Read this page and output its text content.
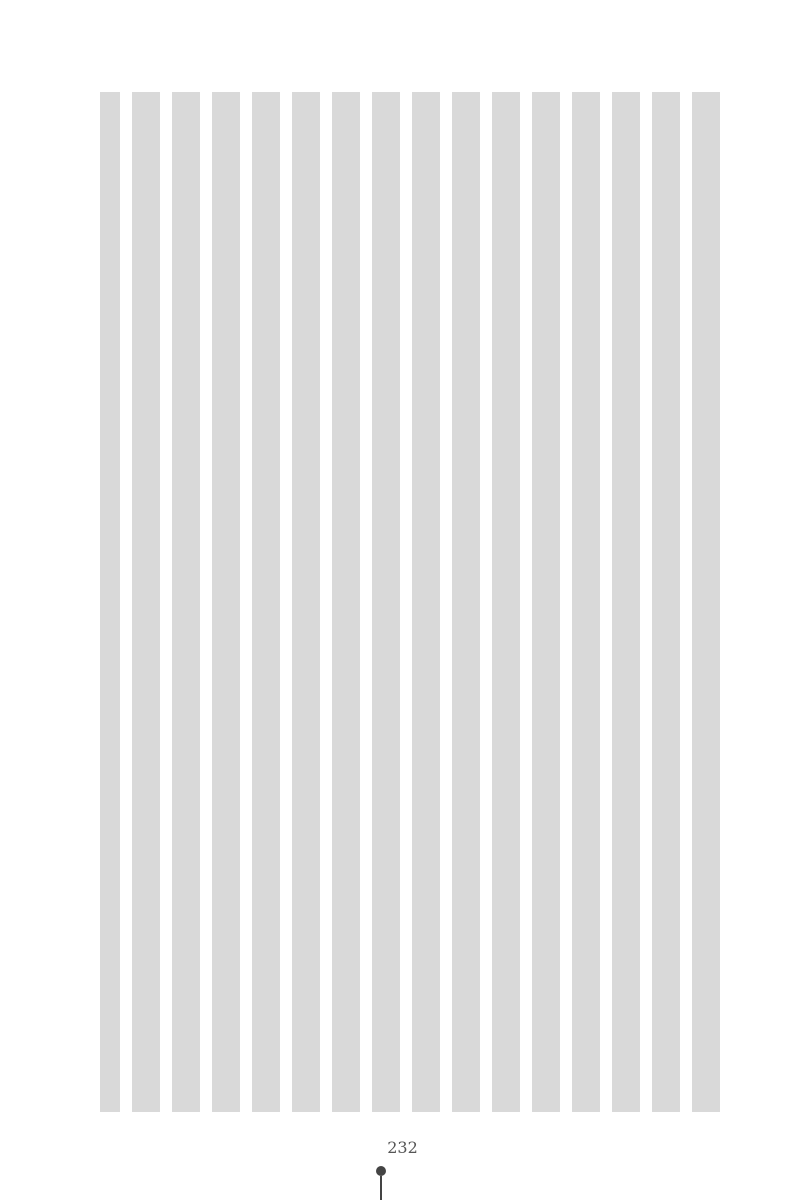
232
